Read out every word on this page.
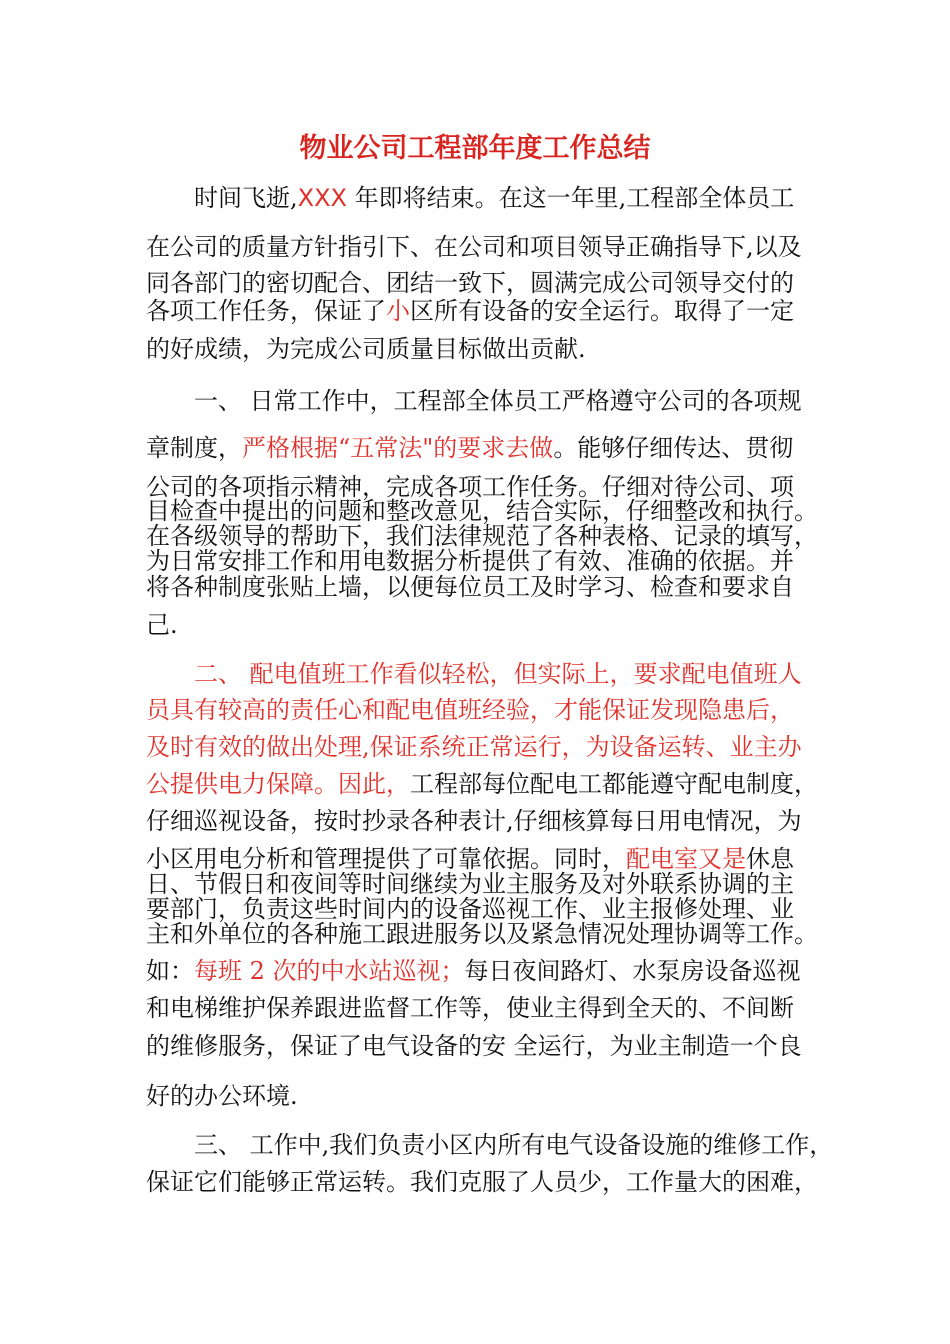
物业公司工程部年度工作总结

时间飞逝,XXX 年即将结束。在这一年里,工程部全体员工

在公司的质量方针指引下、在公司和项目领导正确指导下,以及

同各部门的密切配合、团结一致下，圆满完成公司领导交付的

各项工作任务，保证了小区所有设备的安全运行。取得了一定

的好成绩，为完成公司质量目标做出贡献.

一、 日常工作中，工程部全体员工严格遵守公司的各项规

章制度，严格根据“五常法"的要求去做。能够仔细传达、贯彻

公司的各项指示精神，完成各项工作任务。仔细对待公司、项

目检查中提出的问题和整改意见，结合实际，仔细整改和执行。

在各级领导的帮助下，我们法律规范了各种表格、记录的填写，

为日常安排工作和用电数据分析提供了有效、准确的依据。并

将各种制度张贴上墙，以便每位员工及时学习、检查和要求自

己.

二、 配电值班工作看似轻松，但实际上，要求配电值班人

员具有较高的责任心和配电值班经验，才能保证发现隐患后，

及时有效的做出处理,保证系统正常运行，为设备运转、业主办

公提供电力保障。因此，工程部每位配电工都能遵守配电制度，

仔细巡视设备，按时抄录各种表计,仔细核算每日用电情况，为

小区用电分析和管理提供了可靠依据。同时，配电室又是休息

日、节假日和夜间等时间继续为业主服务及对外联系协调的主

要部门，负责这些时间内的设备巡视工作、业主报修处理、业

主和外单位的各种施工跟进服务以及紧急情况处理协调等工作。

如：每班 2 次的中水站巡视；每日夜间路灯、水泵房设备巡视

和电梯维护保养跟进监督工作等，使业主得到全天的、不间断

的维修服务，保证了电气设备的安 全运行，为业主制造一个良

好的办公环境.

三、 工作中,我们负责小区内所有电气设备设施的维修工作，

保证它们能够正常运转。我们克服了人员少，工作量大的困难，
